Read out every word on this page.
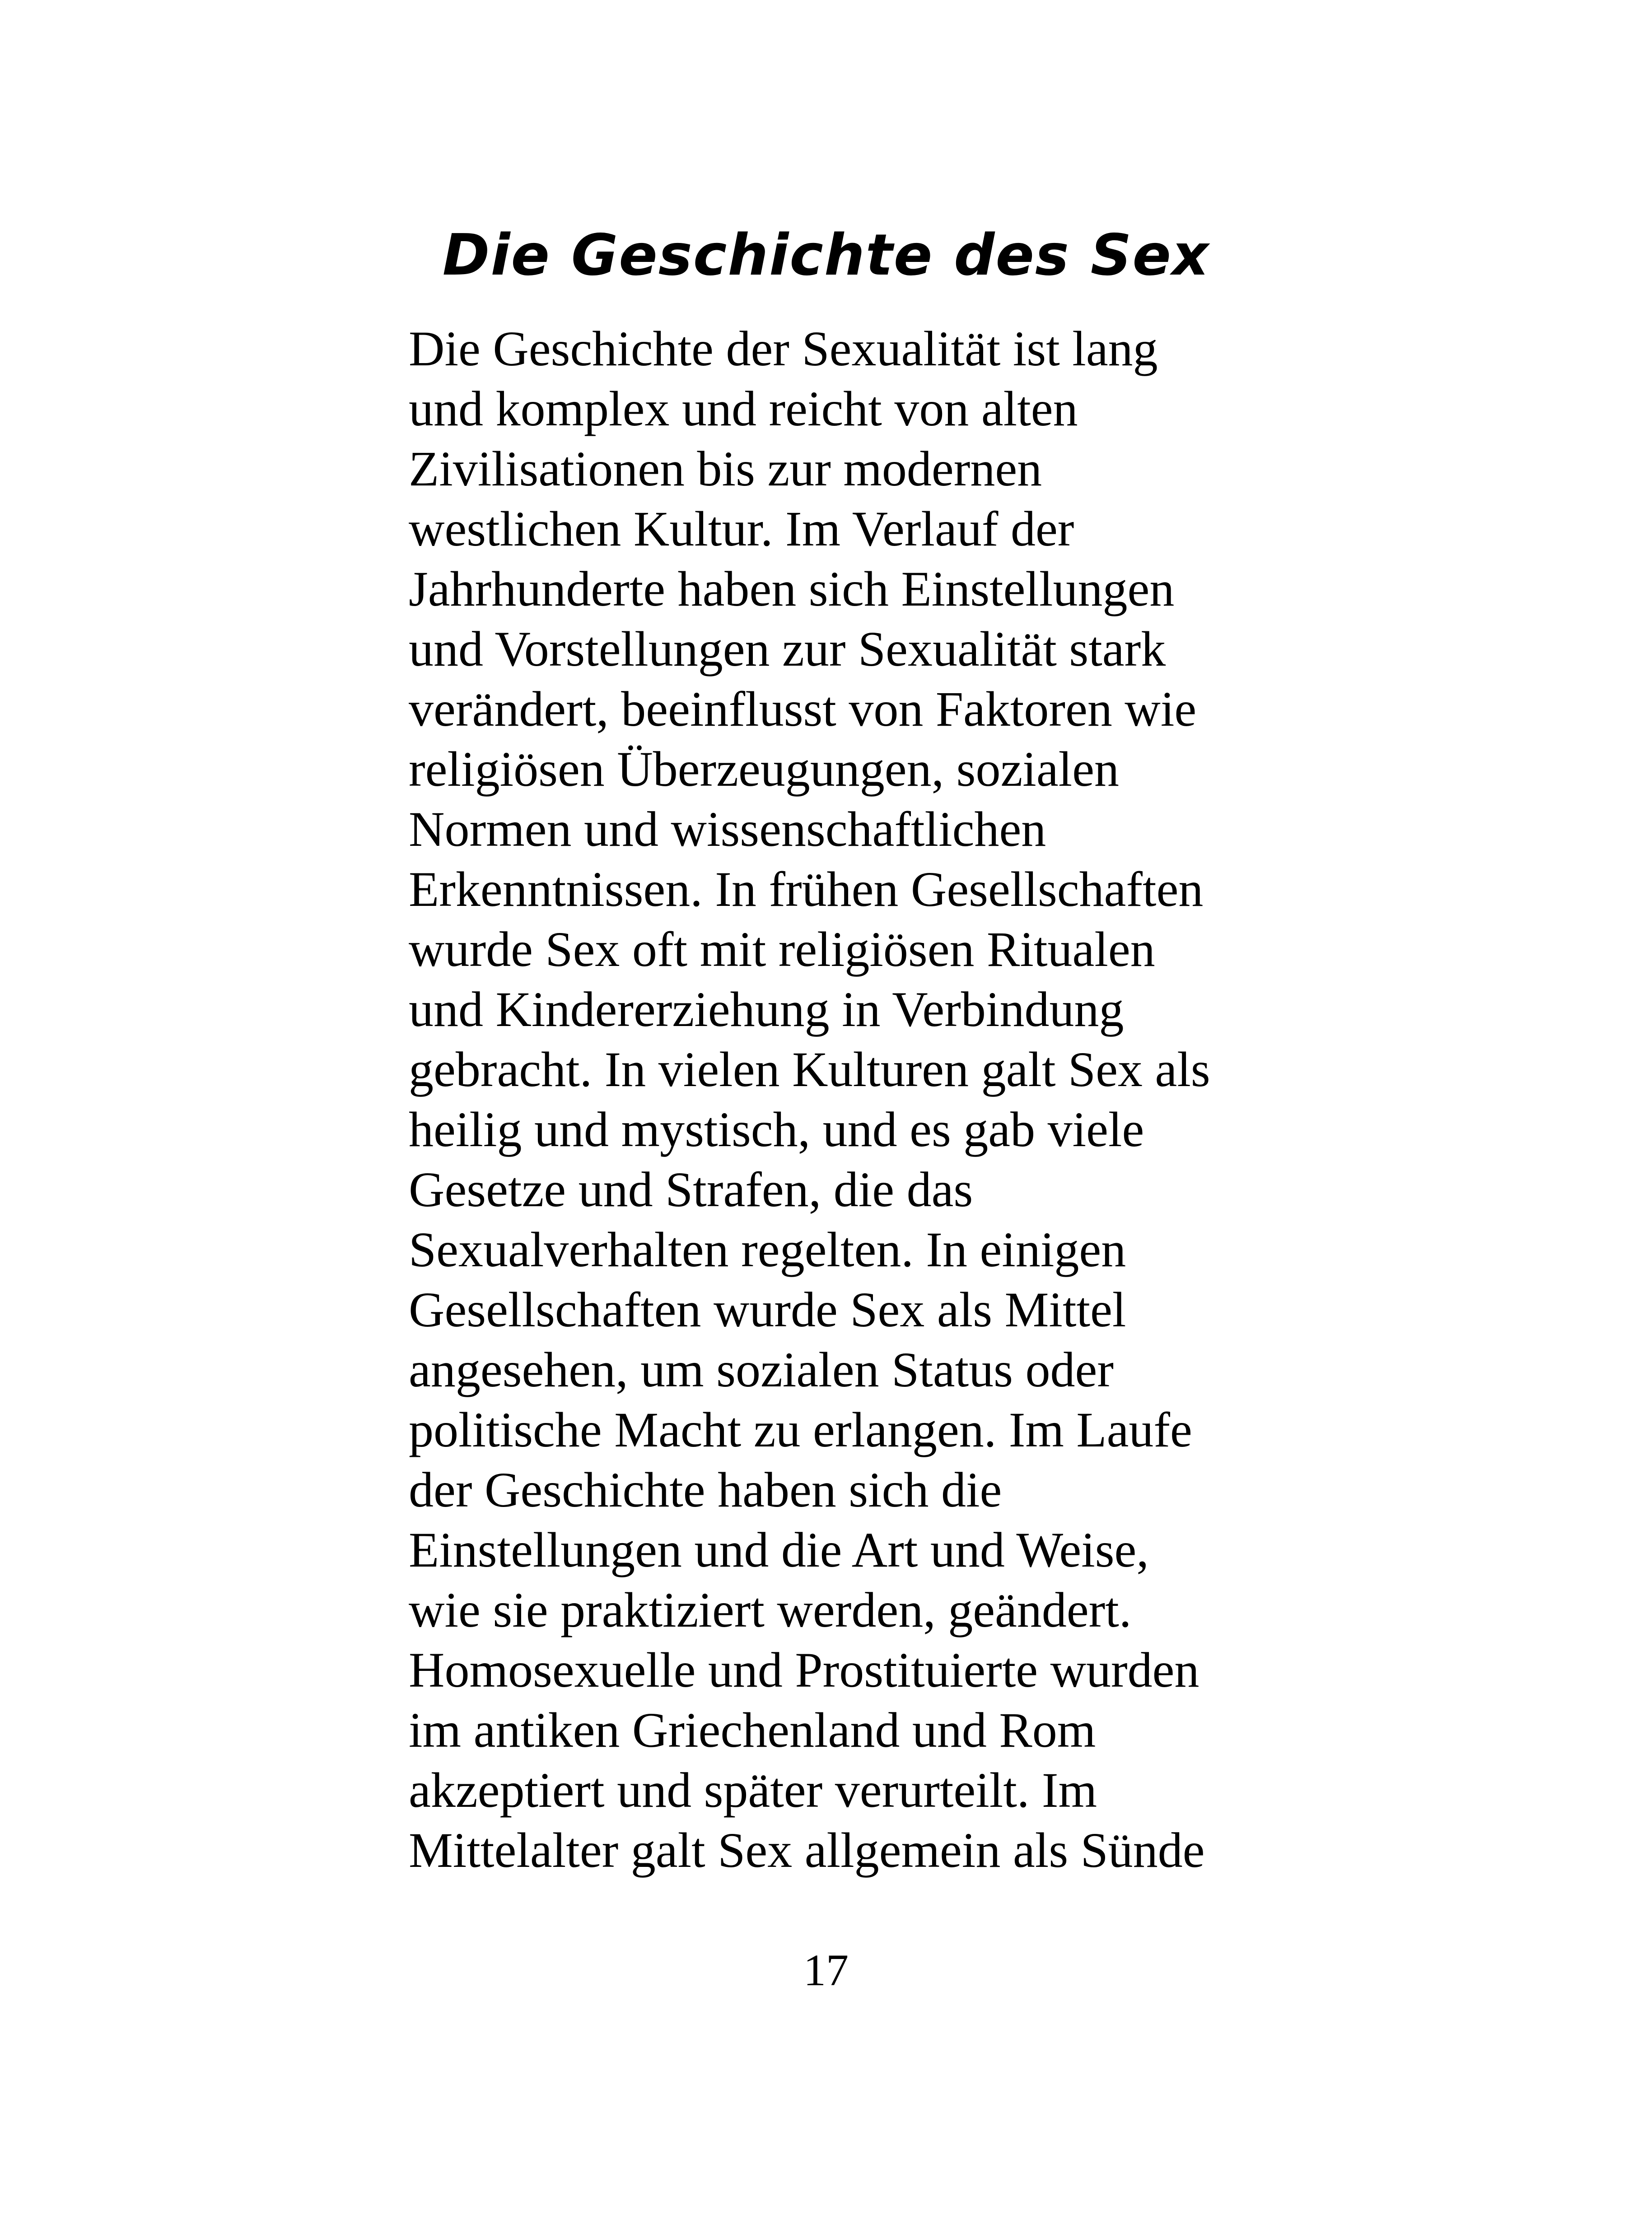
Die Geschichte des Sex
Die Geschichte der Sexualität ist lang
und komplex und reicht von alten
Zivilisationen bis zur modernen
westlichen Kultur. Im Verlauf der
Jahrhunderte haben sich Einstellungen
und Vorstellungen zur Sexualität stark
verändert, beeinflusst von Faktoren wie
religiösen Überzeugungen, sozialen
Normen und wissenschaftlichen
Erkenntnissen. In frühen Gesellschaften
wurde Sex oft mit religiösen Ritualen
und Kindererziehung in Verbindung
gebracht. In vielen Kulturen galt Sex als
heilig und mystisch, und es gab viele
Gesetze und Strafen, die das
Sexualverhalten regelten. In einigen
Gesellschaften wurde Sex als Mittel
angesehen, um sozialen Status oder
politische Macht zu erlangen. Im Laufe
der Geschichte haben sich die
Einstellungen und die Art und Weise,
wie sie praktiziert werden, geändert.
Homosexuelle und Prostituierte wurden
im antiken Griechenland und Rom
akzeptiert und später verurteilt. Im
Mittelalter galt Sex allgemein als Sünde
17
